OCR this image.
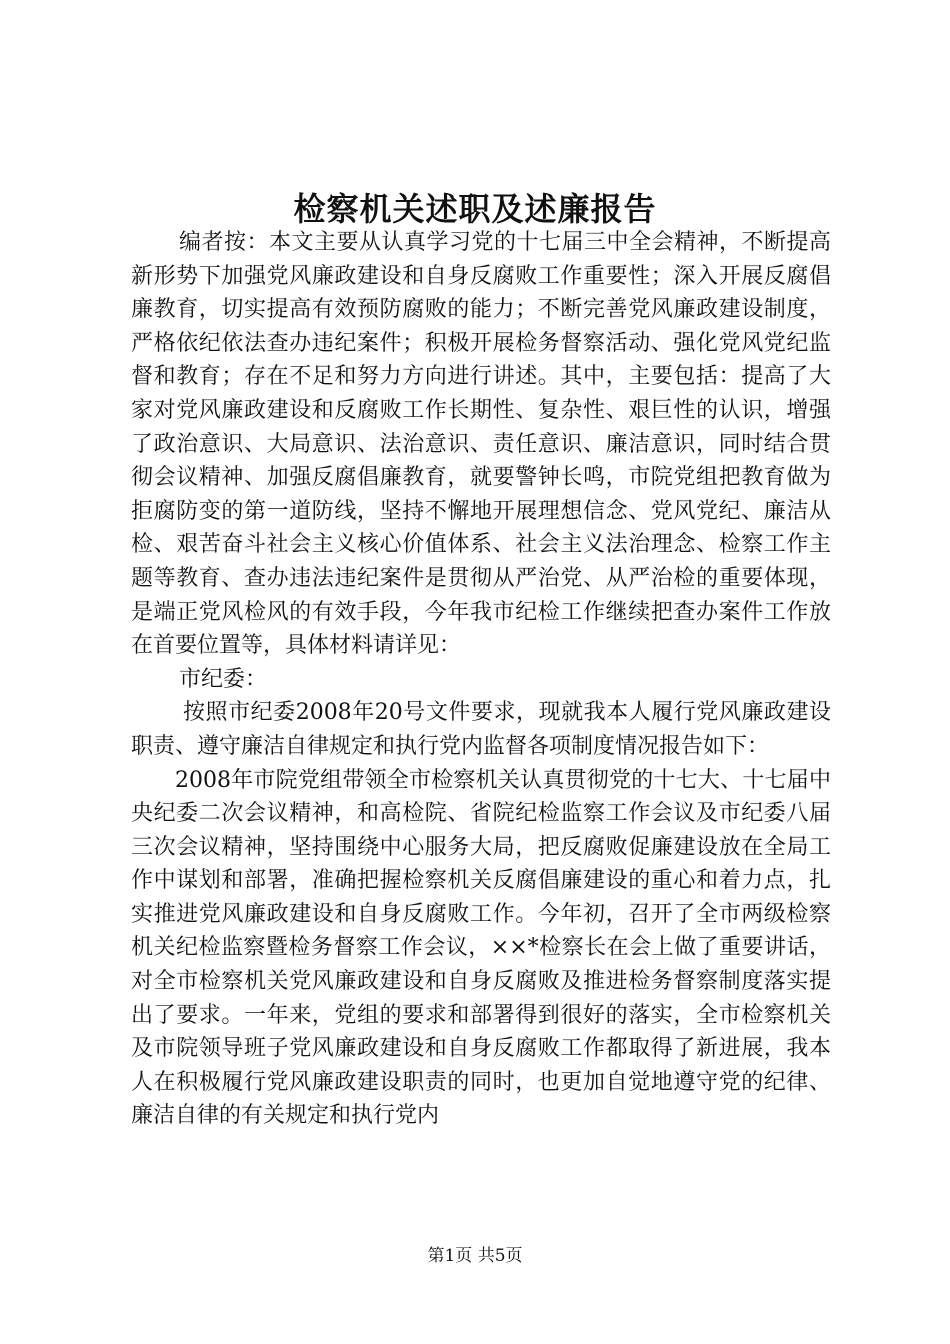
检察机关述职及述廉报告

编者按：本文主要从认真学习党的十七届三中全会精神，不断提高新形势下加强党风廉政建设和自身反腐败工作重要性；深入开展反腐倡廉教育，切实提高有效预防腐败的能力；不断完善党风廉政建设制度，严格依纪依法查办违纪案件；积极开展检务督察活动、强化党风党纪监督和教育；存在不足和努力方向进行讲述。其中，主要包括：提高了大家对党风廉政建设和反腐败工作长期性、复杂性、艰巨性的认识，增强了政治意识、大局意识、法治意识、责任意识、廉洁意识，同时结合贯彻会议精神、加强反腐倡廉教育，就要警钟长鸣，市院党组把教育做为拒腐防变的第一道防线，坚持不懈地开展理想信念、党风党纪、廉洁从检、艰苦奋斗社会主义核心价值体系、社会主义法治理念、检察工作主题等教育、查办违法违纪案件是贯彻从严治党、从严治检的重要体现，是端正党风检风的有效手段，今年我市纪检工作继续把查办案件工作放在首要位置等，具体材料请详见：

市纪委：

按照市纪委2008年20号文件要求，现就我本人履行党风廉政建设职责、遵守廉洁自律规定和执行党内监督各项制度情况报告如下：

2008年市院党组带领全市检察机关认真贯彻党的十七大、十七届中央纪委二次会议精神，和高检院、省院纪检监察工作会议及市纪委八届三次会议精神，坚持围绕中心服务大局，把反腐败促廉建设放在全局工作中谋划和部署，准确把握检察机关反腐倡廉建设的重心和着力点，扎实推进党风廉政建设和自身反腐败工作。今年初，召开了全市两级检察机关纪检监察暨检务督察工作会议，××*检察长在会上做了重要讲话，对全市检察机关党风廉政建设和自身反腐败及推进检务督察制度落实提出了要求。一年来，党组的要求和部署得到很好的落实，全市检察机关及市院领导班子党风廉政建设和自身反腐败工作都取得了新进展，我本人在积极履行党风廉政建设职责的同时，也更加自觉地遵守党的纪律、廉洁自律的有关规定和执行党内

第1页 共5页
